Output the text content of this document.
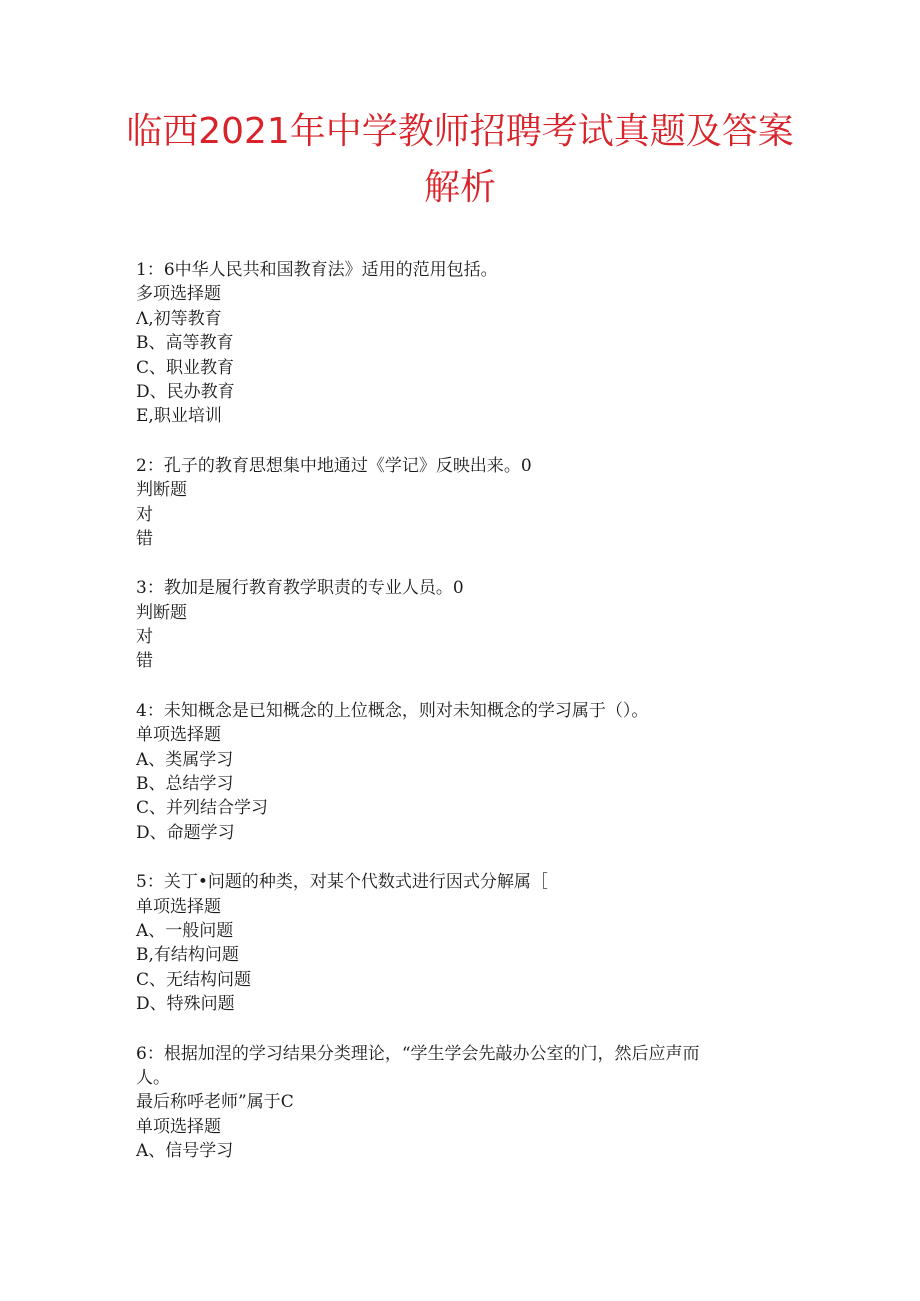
临西2021年中学教师招聘考试真题及答案
解析
1：6中华人民共和国教育法》适用的范用包括。
多项选择题
Λ,初等教育
B、高等教育
C、职业教育
D、民办教育
E,职业培训
2：孔子的教育思想集中地通过《学记》反映出来。0
判断题
对
错
3：教加是履行教育教学职责的专业人员。0
判断题
对
错
4：未知概念是已知概念的上位概念，则对未知概念的学习属于（）。
单项选择题
A、类属学习
B、总结学习
C、并列结合学习
D、命题学习
5：关丁•问题的种类，对某个代数式进行因式分解属［
单项选择题
A、一般问题
B,有结构问题
C、无结构问题
D、特殊问题
6：根据加涅的学习结果分类理论，“学生学会先敲办公室的门，然后应声而
人。
最后称呼老师”属于C
单项选择题
A、信号学习
